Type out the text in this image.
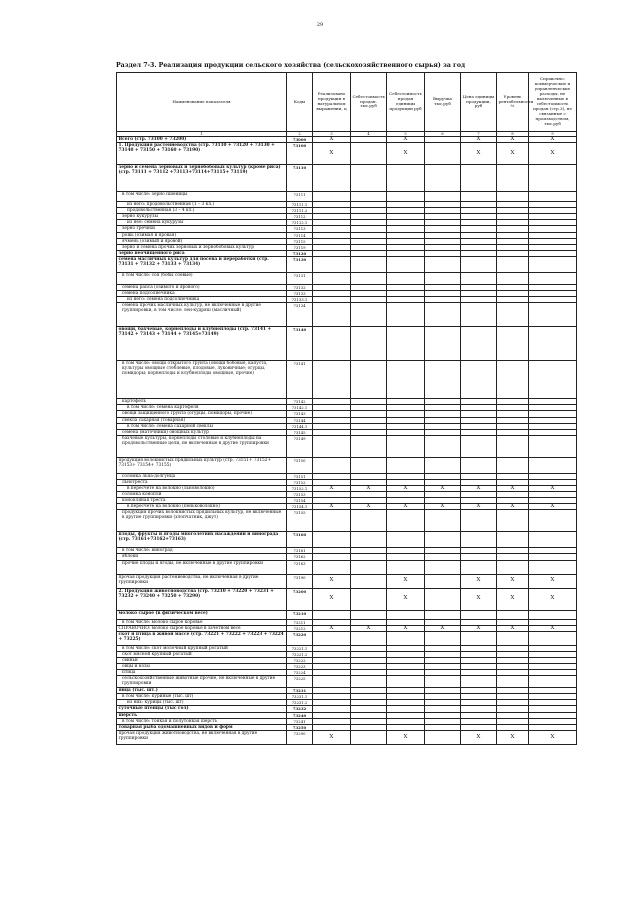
29
Раздел 7-3. Реализация продукции сельского хозяйства (сельскохозяйственного сырья) за год
Наименование показателя	Коды	Реализовано продукции в натуральном выражении, ц	Себестоимость продан. тыс.руб	Себестоимость продан единицы продукции руб	Выручка тыс.руб	Цена единицы продукции, руб	Уровень рентабельности %	Справочно: коммерческие и управленческие расходы, не включенные в себестоимость продан (стр.3), не связанные с производством, тыс.руб
1	2	3	4	5	6	7	8	9
Всего (стр. 73100 + 73200)	73000	X		X		X	X	X
1. Продукция растениеводства (стр. 73110 + 73120 + 73130 + 73140 + 73150 + 73160 + 73190)	73100	X		X		X	X	X
зерно и семена зерновых и зернобобовых культур (кроме риса) (стр. 73111 + 73112 +73113+73114+73115+ 73119)	73110							
в том числе: зерно пшеницы	73111							
из него: продовольственная (1 – 3 кл.)	73111.1							
продовольственная (3 – 4 кл.)	73111.2							
зерно кукурузы	73112							
из нее: семена кукурузы	73112.1							
зерно гречихи	73113							
рожь (озимая и яровая)	73114							
ячмень (озимый и яровой)	73115							
зерно и семена прочих зерновых и зернобобовых культур	73119							
зерно неочищенного риса	73120							
семена масличных культур для посева и переработки (стр. 73131 + 73132 + 73133 + 73134)	73130							
в том числе: соя (бобы соевые)	73131							
семена рапса (озимого и ярового)	73132							
семена подсолнечника	73133							
из него: семена подсолнечника	73133.1							
семена прочих масличных культур, не включенные в другие группировки, в том числе: лен-кудряш (масличный)	73134							
овощи, бахчевые, корнеплоды и клубнеплоды (стр. 73141 + 73142 + 73143 + 73144 + 73145+73149)	73140							
в том числе: овощи открытого грунта (овощи бобовые, капуста, культуры овощные стеблевые, плодовые, луковичные; огурцы, помидоры; корнеплоды и клубнеплоды овощные, прочие)	73141							
картофель	73142							
в том числе: семена картофеля	73142.1							
овощи защищенного грунта (огурцы, помидоры, прочие)	73143							
свекла сахарная (товарная)	73144							
в том числе: семена сахарной свеклы	73144.1							
семена (маточники) овощных культур	73145							
бахчевые культуры, корнеплоды столовые и клубнеплоды на продовольственные цели, не включенные в другие группировки	73149							
продукция волокнистых прядильных культур (стр. 73151+ 73152+ 73153+ 73154+ 73155)	73150							
соломка льна-долгунца	73151							
льнотреста	73152							
в пересчете на волокно (льноволокно)	73152.1	X	X	X	X	X	X	X
соломка конопли	73153							
конопляная треста	73154							
в пересчете на волокно (пеньковолокно)	73154.1	X	X	X	X	X	X	X
продукция прочих волокнистых прядильных культур, не включенные в другие группировки (хлопчатник, джут)	73155							
плоды, фрукты и ягоды многолетних насаждений и винограда (стр. 73161+73162+73163)	73160							
в том числе: виноград	73161							
яблоки	73162							
прочие плоды и ягоды, не включенные в другие группировки	73163							
прочая продукция растениеводства, не включенная в другие группировки	73190	X		X		X	X	X
2. Продукция животноводства (стр. 73210 + 73220 + 73231 + 73232 + 73240 + 73250 + 73290)	73200	X		X		X	X	X
молоко сырое (в физическом весе)	73210							
в том числе: молоко сырое коровье	73211							
СПРАВОЧНО: молоко сырое коровье в зачетном весе	73212	X	X	X	X	X	X	X
скот и птица в живой массе (стр. 73221 + 73222 + 73223 + 73224 + 73225)	73220							
в том числе: скот молочный крупный рогатый	73221.1							
скот мясной крупный рогатый	73221.2							
свиньи	73222							
овцы и козы	73223							
птица	73224							
сельскохозяйственные животные прочие, не включенные в другие группировки	73225							
яйца (тыс. шт.)	73231							
в том числе: куриные (тыс. шт)	73231.1							
из них: курицы (тыс. шт)	73231.2							
суточные птенцы (тыс гол)	73232							
шерсть	73240							
в том числе: тонкая и полутонкая шерсть	73241							
товарная рыба одомашненных видов и форм	73250							
прочая продукция животноводства, не включенная в другие группировки	73290	X		X		X	X	X
